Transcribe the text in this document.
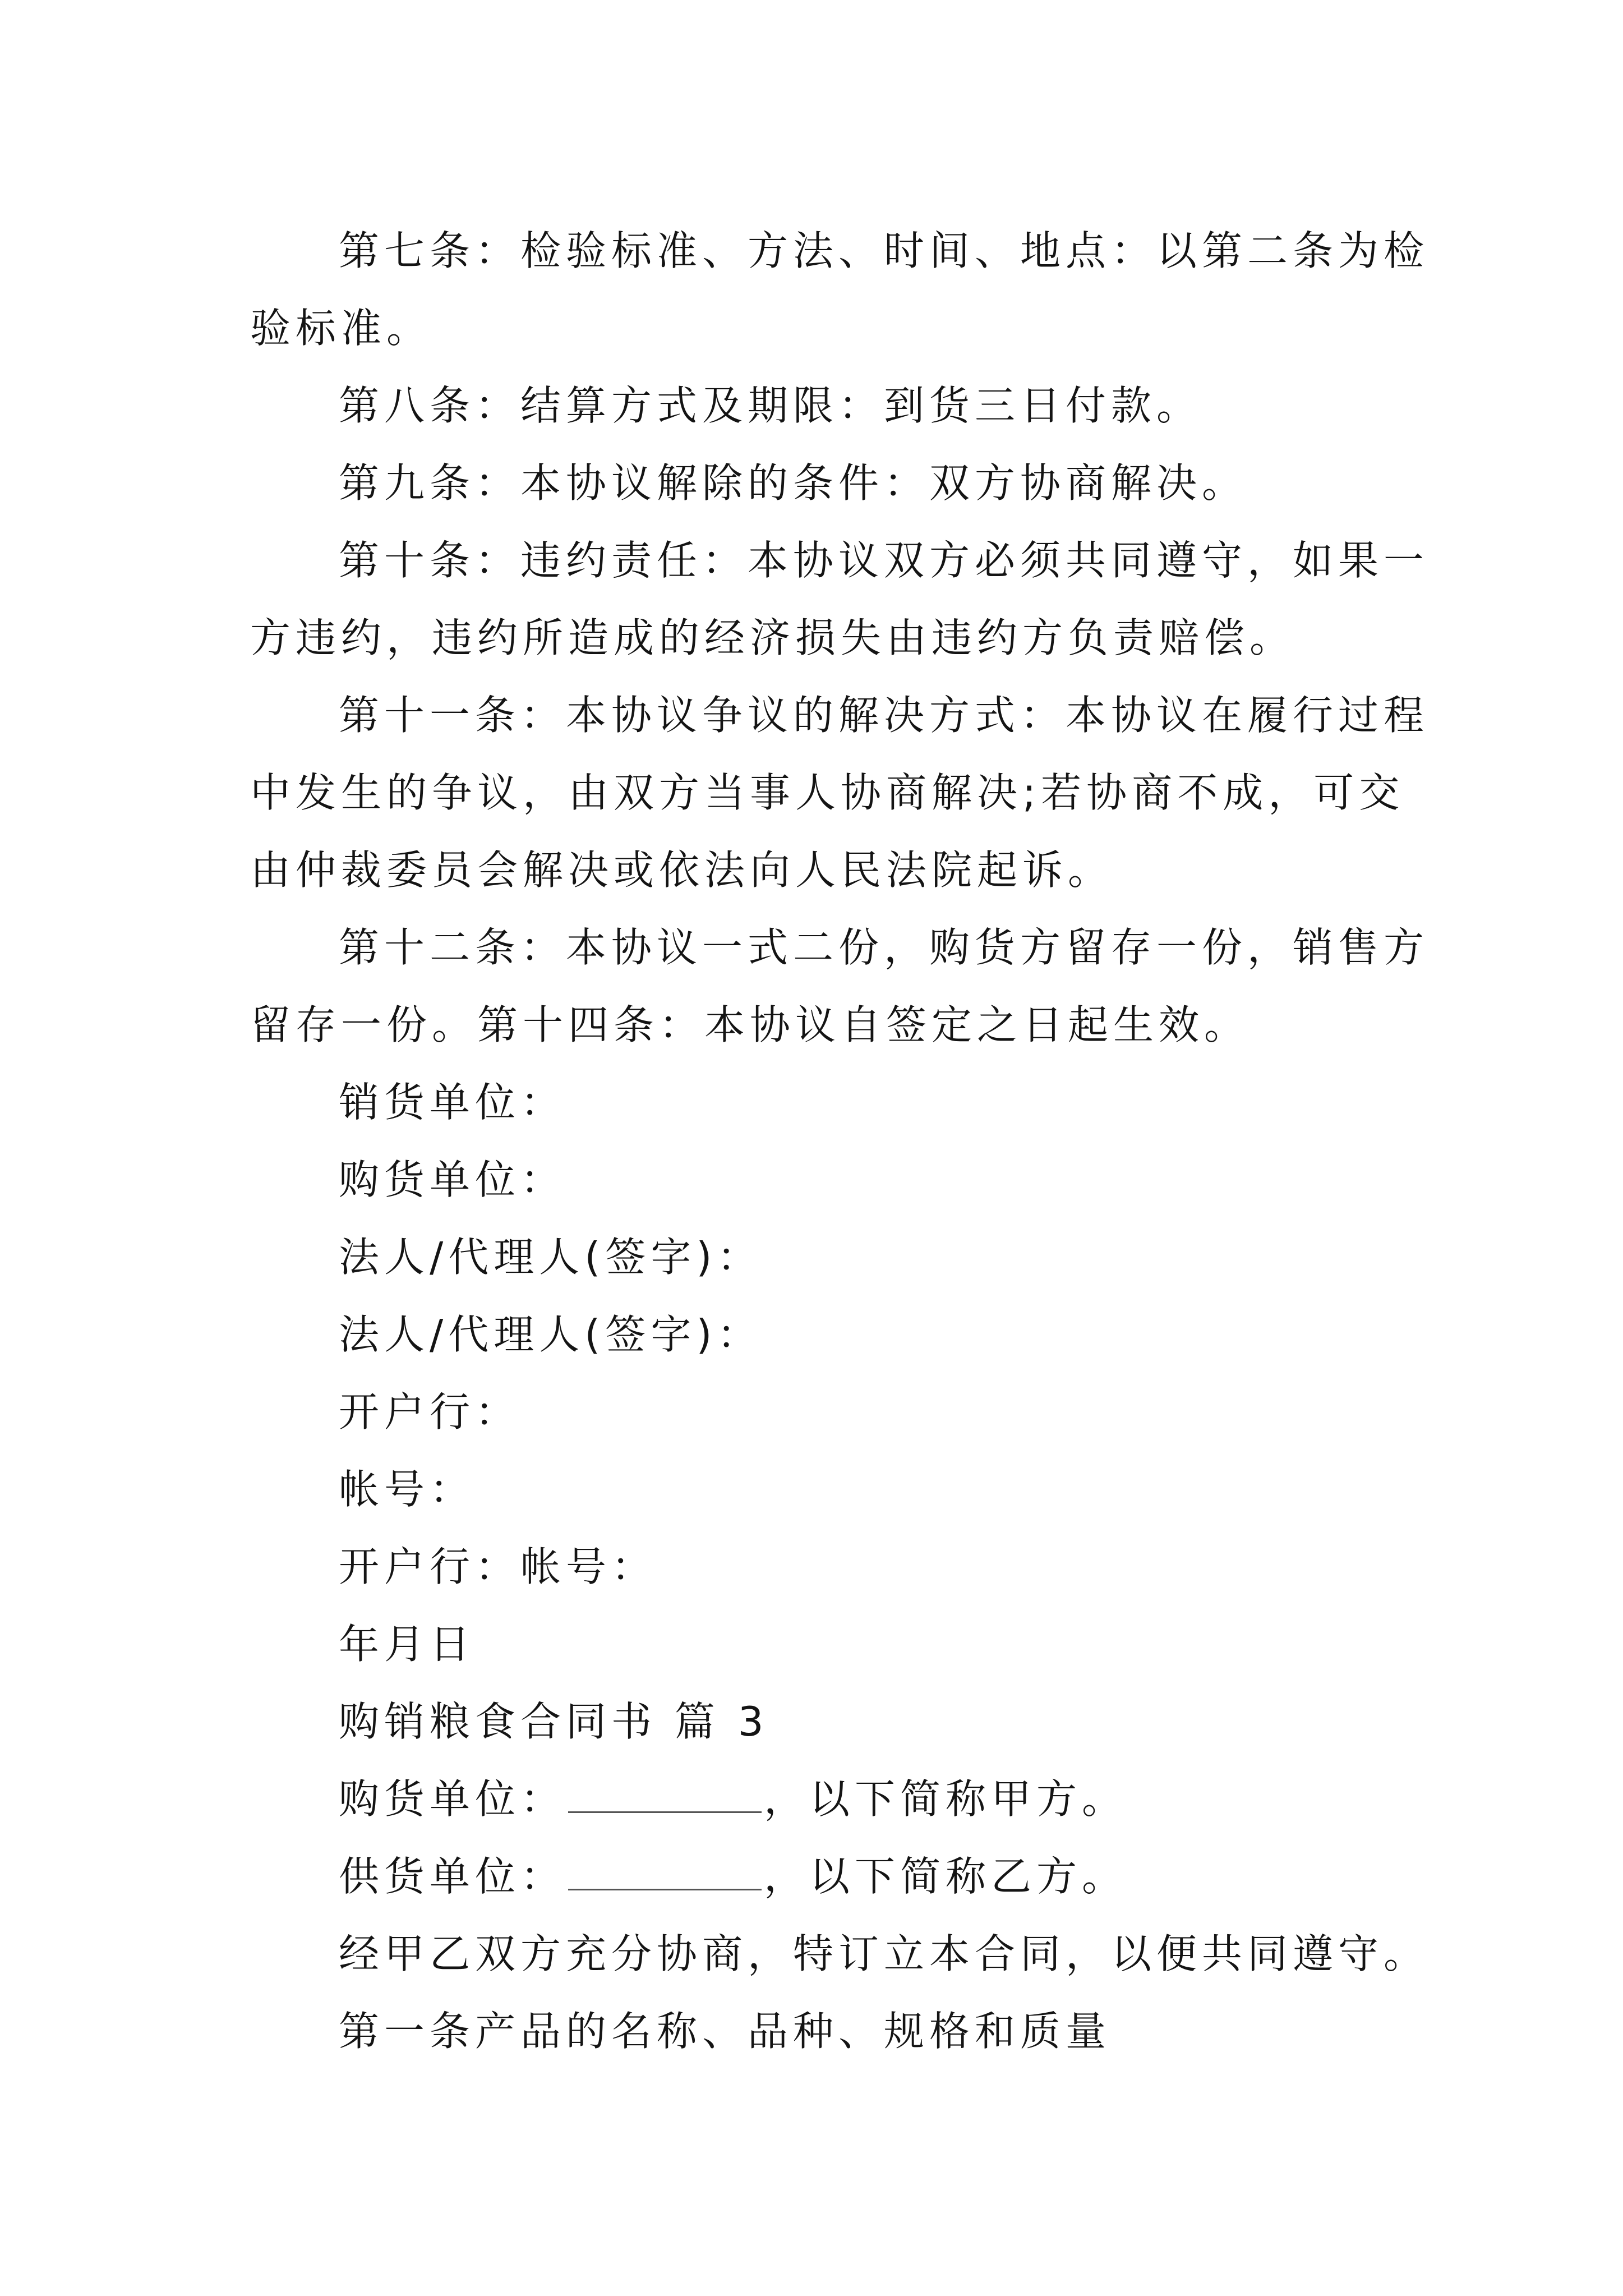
第七条：检验标准、方法、时间、地点：以第二条为检
验标准。
第八条：结算方式及期限：到货三日付款。
第九条：本协议解除的条件：双方协商解决。
第十条：违约责任：本协议双方必须共同遵守，如果一
方违约，违约所造成的经济损失由违约方负责赔偿。
第十一条：本协议争议的解决方式：本协议在履行过程
中发生的争议，由双方当事人协商解决;若协商不成，可交
由仲裁委员会解决或依法向人民法院起诉。
第十二条：本协议一式二份，购货方留存一份，销售方
留存一份。第十四条：本协议自签定之日起生效。
销货单位：
购货单位：
法人/代理人(签字)：
法人/代理人(签字)：
开户行：
帐号：
开户行：帐号：
年月日
购销粮食合同书 篇 3
购货单位：	，以下简称甲方。
供货单位：	，以下简称乙方。
经甲乙双方充分协商，特订立本合同，以便共同遵守。
第一条产品的名称、品种、规格和质量
